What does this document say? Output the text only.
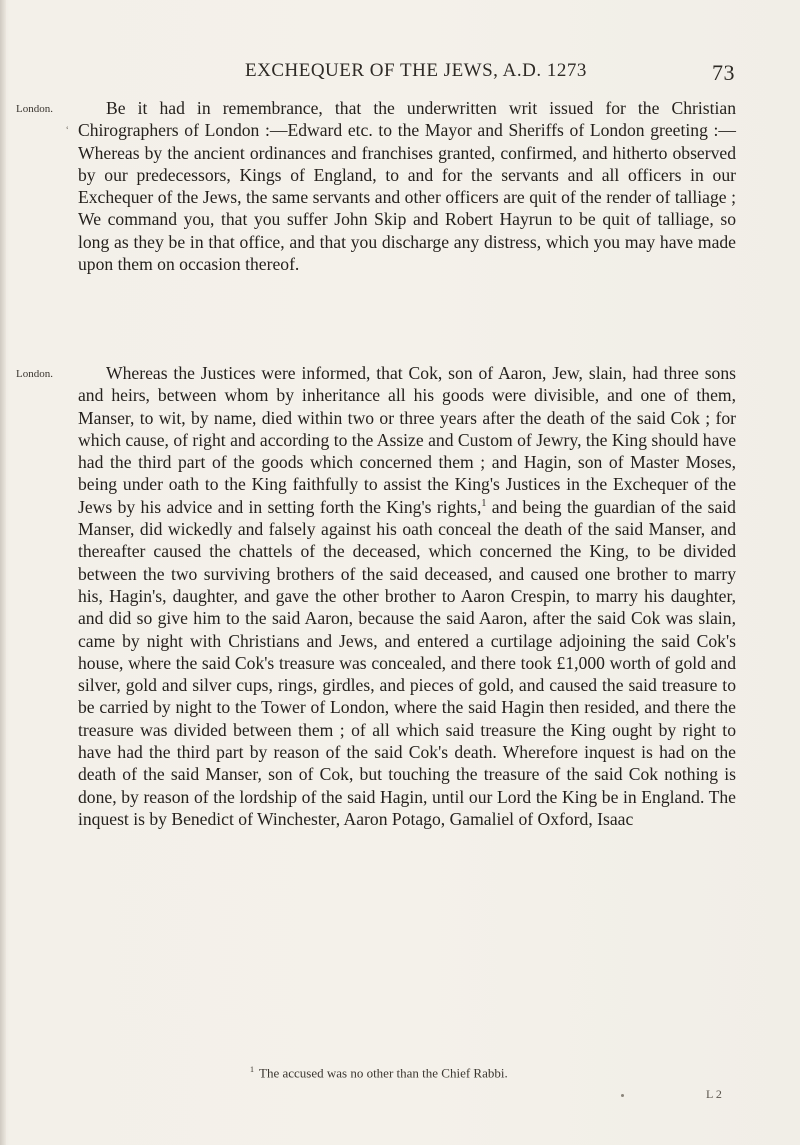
EXCHEQUER OF THE JEWS, A.D. 1273	73
London.
ʿ

Be it had in remembrance, that the underwritten writ issued for the Christian Chirographers of London :—Edward etc. to the Mayor and Sheriffs of London greeting :—Whereas by the ancient ordinances and franchises granted, confirmed, and hitherto observed by our predecessors, Kings of England, to and for the servants and all officers in our Exchequer of the Jews, the same servants and other officers are quit of the render of talliage ; We command you, that you suffer John Skip and Robert Hayrun to be quit of talliage, so long as they be in that office, and that you discharge any distress, which you may have made upon them on occasion thereof.

London.	Whereas the Justices were informed, that Cok, son of Aaron, Jew, slain, had three sons and heirs, between whom by inheritance all his goods were divisible, and one of them, Manser, to wit, by name, died within two or three years after the death of the said Cok ; for which cause, of right and according to the Assize and Custom of Jewry, the King should have had the third part of the goods which concerned them ; and Hagin, son of Master Moses, being under oath to the King faithfully to assist the King's Justices in the Exchequer of the Jews by his advice and in setting forth the King's rights,$^1$ and being the guardian of the said Manser, did wickedly and falsely against his oath conceal the death of the said Manser, and thereafter caused the chattels of the deceased, which concerned the King, to be divided between the two surviving brothers of the said deceased, and caused one brother to marry his, Hagin's, daughter, and gave the other brother to Aaron Crespin, to marry his daughter, and did so give him to the said Aaron, because the said Aaron, after the said Cok was slain, came by night with Christians and Jews, and entered a curtilage adjoining the said Cok's house, where the said Cok's treasure was concealed, and there took £1,000 worth of gold and silver, gold and silver cups, rings, girdles, and pieces of gold, and caused the said treasure to be carried by night to the Tower of London, where the said Hagin then resided, and there the treasure was divided between them ; of all which said treasure the King ought by right to have had the third part by reason of the said Cok's death. Wherefore inquest is had on the death of the said Manser, son of Cok, but touching the treasure of the said Cok nothing is done, by reason of the lordship of the said Hagin, until our Lord the King be in England. The inquest is by Benedict of Winchester, Aaron Potago, Gamaliel of Oxford, Isaac

$^1$ The accused was no other than the Chief Rabbi.
L 2
